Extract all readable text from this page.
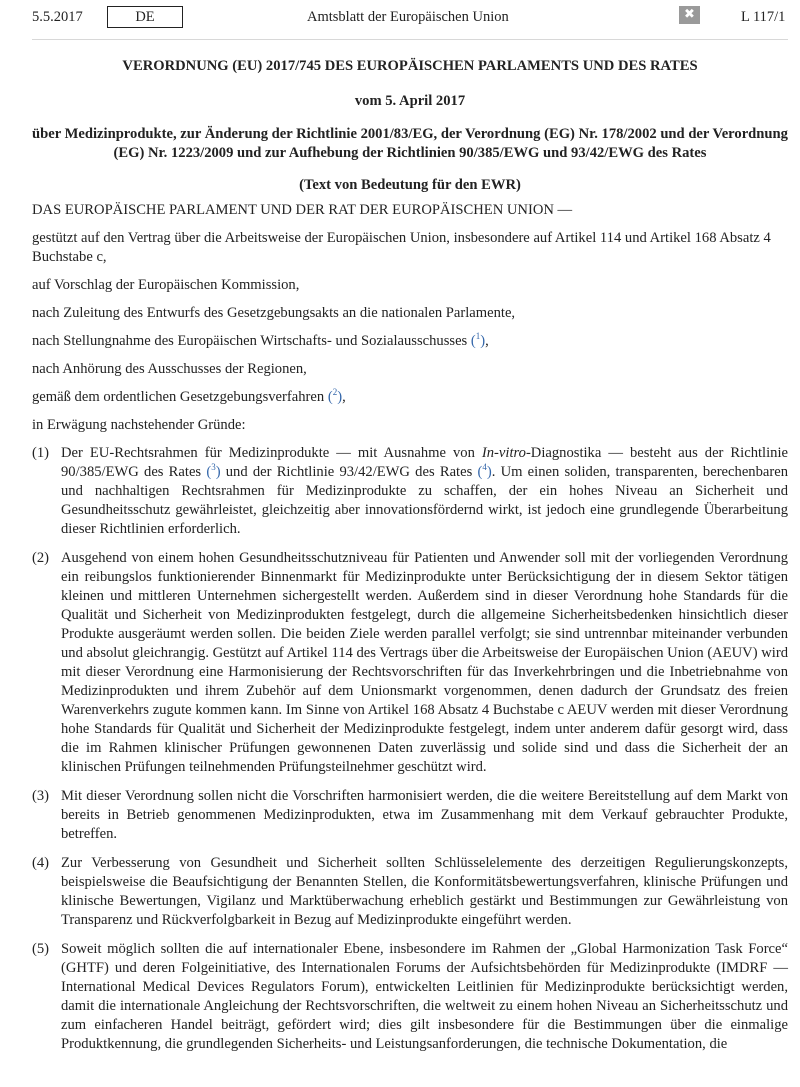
5.5.2017	DE	Amtsblatt der Europäischen Union	✖	L 117/1
VERORDNUNG (EU) 2017/745 DES EUROPÄISCHEN PARLAMENTS UND DES RATES
vom 5. April 2017
über Medizinprodukte, zur Änderung der Richtlinie 2001/83/EG, der Verordnung (EG) Nr. 178/2002 und der Verordnung (EG) Nr. 1223/2009 und zur Aufhebung der Richtlinien 90/385/EWG und 93/42/EWG des Rates
(Text von Bedeutung für den EWR)
DAS EUROPÄISCHE PARLAMENT UND DER RAT DER EUROPÄISCHEN UNION —
gestützt auf den Vertrag über die Arbeitsweise der Europäischen Union, insbesondere auf Artikel 114 und Artikel 168 Absatz 4 Buchstabe c,
auf Vorschlag der Europäischen Kommission,
nach Zuleitung des Entwurfs des Gesetzgebungsakts an die nationalen Parlamente,
nach Stellungnahme des Europäischen Wirtschafts- und Sozialausschusses ($^1$),
nach Anhörung des Ausschusses der Regionen,
gemäß dem ordentlichen Gesetzgebungsverfahren ($^2$),
in Erwägung nachstehender Gründe:
(1) Der EU-Rechtsrahmen für Medizinprodukte — mit Ausnahme von In-vitro-Diagnostika — besteht aus der Richtlinie 90/385/EWG des Rates ($^3$) und der Richtlinie 93/42/EWG des Rates ($^4$). Um einen soliden, transparenten, berechenbaren und nachhaltigen Rechtsrahmen für Medizinprodukte zu schaffen, der ein hohes Niveau an Sicherheit und Gesundheitsschutz gewährleistet, gleichzeitig aber innovationsfördernd wirkt, ist jedoch eine grundlegende Überarbeitung dieser Richtlinien erforderlich.
(2) Ausgehend von einem hohen Gesundheitsschutzniveau für Patienten und Anwender soll mit der vorliegenden Verordnung ein reibungslos funktionierender Binnenmarkt für Medizinprodukte unter Berücksichtigung der in diesem Sektor tätigen kleinen und mittleren Unternehmen sichergestellt werden. Außerdem sind in dieser Verordnung hohe Standards für die Qualität und Sicherheit von Medizinprodukten festgelegt, durch die allgemeine Sicherheitsbedenken hinsichtlich dieser Produkte ausgeräumt werden sollen. Die beiden Ziele werden parallel verfolgt; sie sind untrennbar miteinander verbunden und absolut gleichrangig. Gestützt auf Artikel 114 des Vertrags über die Arbeitsweise der Europäischen Union (AEUV) wird mit dieser Verordnung eine Harmonisierung der Rechtsvorschriften für das Inverkehrbringen und die Inbetriebnahme von Medizinprodukten und ihrem Zubehör auf dem Unionsmarkt vorgenommen, denen dadurch der Grundsatz des freien Warenverkehrs zugute kommen kann. Im Sinne von Artikel 168 Absatz 4 Buchstabe c AEUV werden mit dieser Verordnung hohe Standards für Qualität und Sicherheit der Medizinprodukte festgelegt, indem unter anderem dafür gesorgt wird, dass die im Rahmen klinischer Prüfungen gewonnenen Daten zuverlässig und solide sind und dass die Sicherheit der an klinischen Prüfungen teilnehmenden Prüfungsteilnehmer geschützt wird.
(3) Mit dieser Verordnung sollen nicht die Vorschriften harmonisiert werden, die die weitere Bereitstellung auf dem Markt von bereits in Betrieb genommenen Medizinprodukten, etwa im Zusammenhang mit dem Verkauf gebrauchter Produkte, betreffen.
(4) Zur Verbesserung von Gesundheit und Sicherheit sollten Schlüsselelemente des derzeitigen Regulierungskonzepts, beispielsweise die Beaufsichtigung der Benannten Stellen, die Konformitätsbewertungsverfahren, klinische Prüfungen und klinische Bewertungen, Vigilanz und Marktüberwachung erheblich gestärkt und Bestimmungen zur Gewährleistung von Transparenz und Rückverfolgbarkeit in Bezug auf Medizinprodukte eingeführt werden.
(5) Soweit möglich sollten die auf internationaler Ebene, insbesondere im Rahmen der „Global Harmonization Task Force“ (GHTF) und deren Folgeinitiative, des Internationalen Forums der Aufsichtsbehörden für Medizinprodukte (IMDRF — International Medical Devices Regulators Forum), entwickelten Leitlinien für Medizinprodukte berücksichtigt werden, damit die internationale Angleichung der Rechtsvorschriften, die weltweit zu einem hohen Niveau an Sicherheitsschutz und zum einfacheren Handel beiträgt, gefördert wird; dies gilt insbesondere für die Bestimmungen über die einmalige Produktkennung, die grundlegenden Sicherheits- und Leistungsanforderungen, die technische Dokumentation, die
